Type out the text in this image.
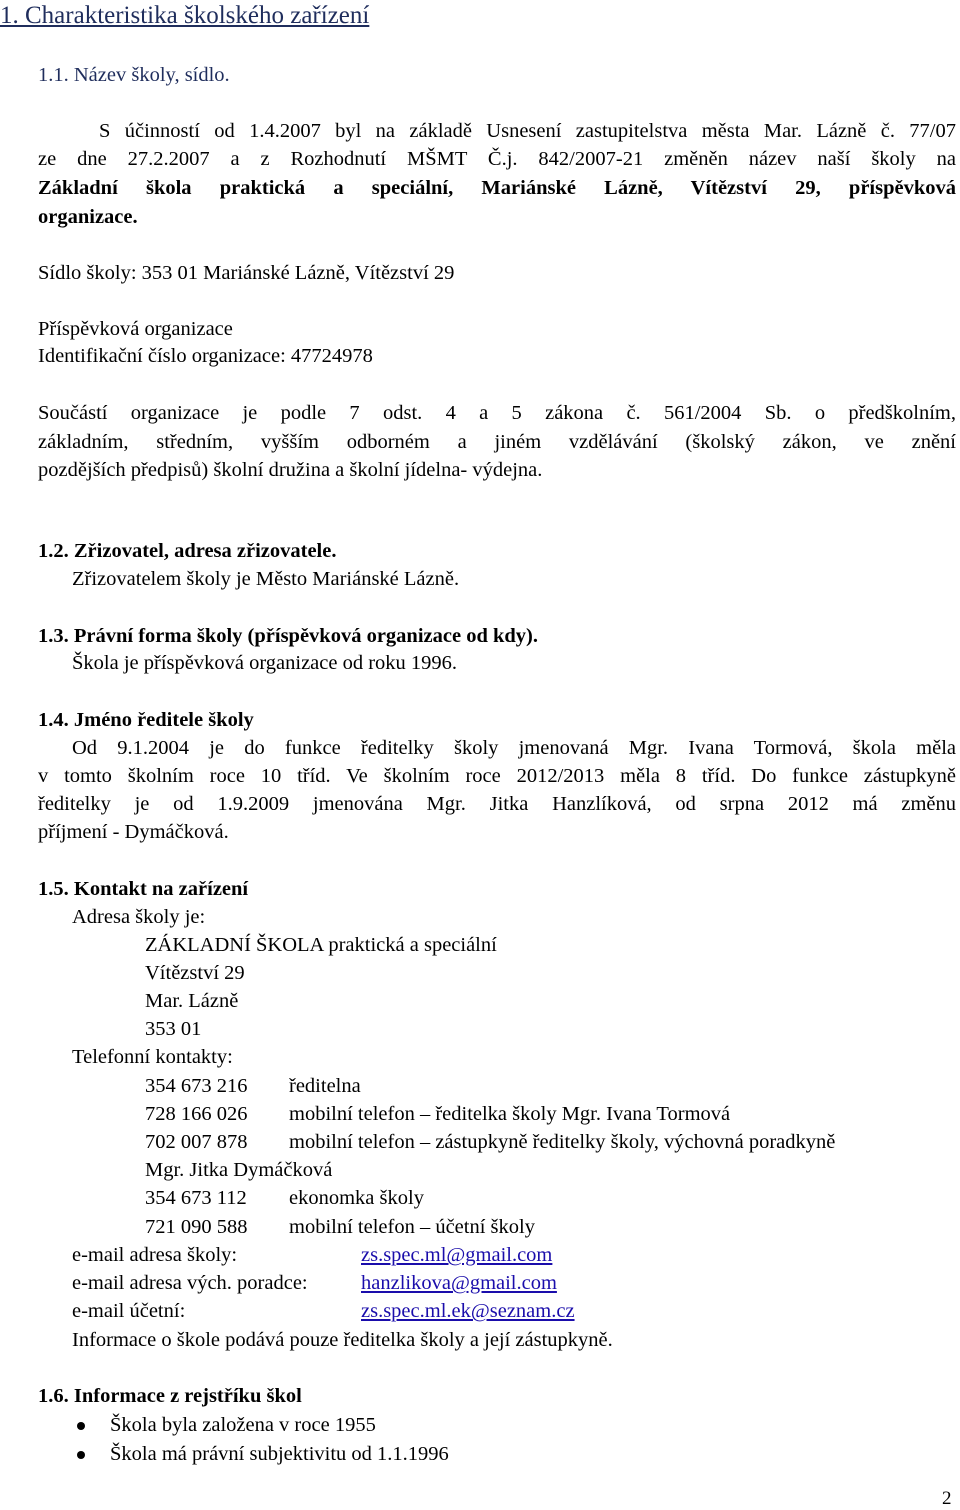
1. Charakteristika školského zařízení
1.1. Název školy, sídlo.
S účinností od 1.4.2007 byl na základě Usnesení zastupitelstva města Mar. Lázně č. 77/07
ze dne 27.2.2007 a z Rozhodnutí MŠMT Č.j. 842/2007-21 změněn název naší školy na
Základní škola praktická a speciální, Mariánské Lázně, Vítězství 29, příspěvková
organizace.
Sídlo školy: 353 01 Mariánské Lázně, Vítězství 29
Příspěvková organizace
Identifikační číslo organizace: 47724978
Součástí organizace je podle 7 odst. 4 a 5 zákona č. 561/2004 Sb. o předškolním,
základním, středním, vyšším odborném a jiném vzdělávání (školský zákon, ve znění
pozdějších předpisů) školní družina a školní jídelna- výdejna.
1.2. Zřizovatel, adresa zřizovatele.
Zřizovatelem školy je Město Mariánské Lázně.
1.3. Právní forma školy (příspěvková organizace od kdy).
Škola je příspěvková organizace od roku 1996.
1.4. Jméno ředitele školy
Od 9.1.2004 je do funkce ředitelky školy jmenovaná Mgr. Ivana Tormová, škola měla
v tomto školním roce 10 tříd. Ve školním roce 2012/2013 měla 8 tříd. Do funkce zástupkyně
ředitelky je od 1.9.2009 jmenována Mgr. Jitka Hanzlíková, od srpna 2012 má změnu
příjmení - Dymáčková.
1.5. Kontakt na zařízení
Adresa školy je:
ZÁKLADNÍ ŠKOLA praktická a speciální
Vítězství 29
Mar. Lázně
353 01
Telefonní kontakty:
354 673 216 ředitelna
728 166 026 mobilní telefon – ředitelka školy Mgr. Ivana Tormová
702 007 878 mobilní telefon – zástupkyně ředitelky školy, výchovná poradkyně
Mgr. Jitka Dymáčková
354 673 112 ekonomka školy
721 090 588 mobilní telefon – účetní školy
e-mail adresa školy:	zs.spec.ml@gmail.com
e-mail adresa vých. poradce:	hanzlikova@gmail.com
e-mail účetní:	zs.spec.ml.ek@seznam.cz
Informace o škole podává pouze ředitelka školy a její zástupkyně.
1.6. Informace z rejstříku škol
Škola byla založena v roce 1955
Škola má právní subjektivitu od 1.1.1996
2
